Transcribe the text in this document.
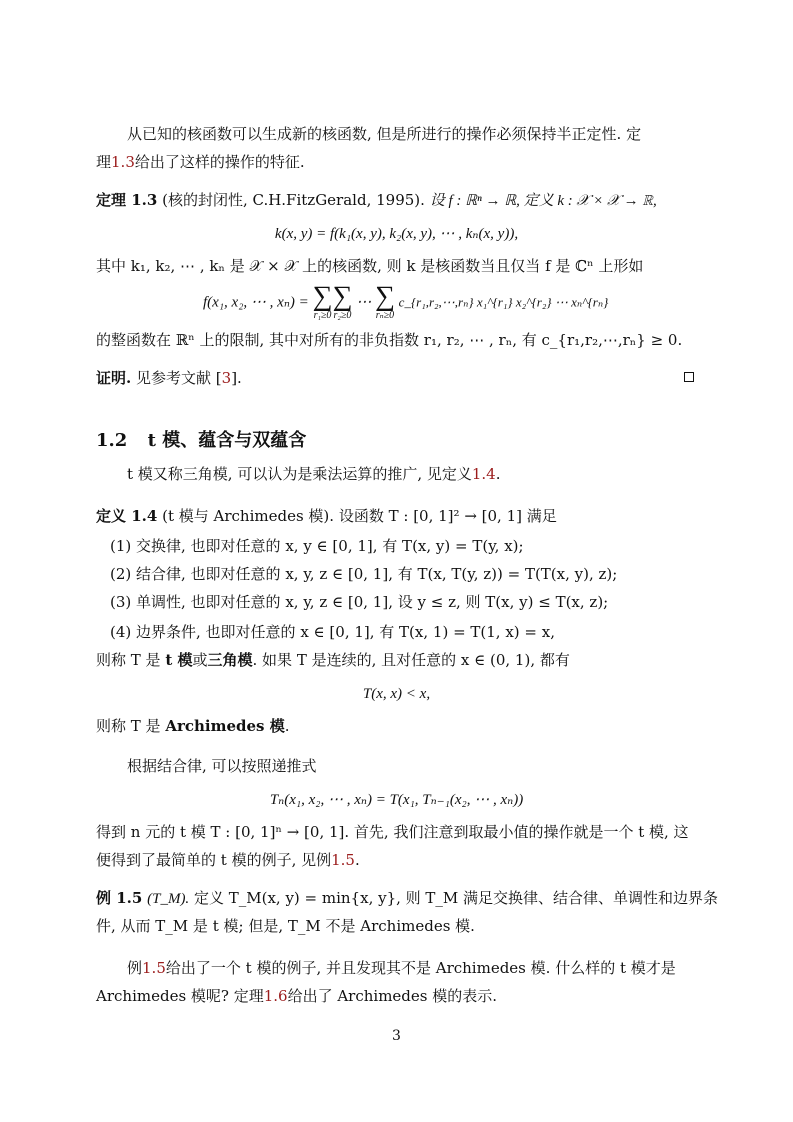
从已知的核函数可以生成新的核函数, 但是所进行的操作必须保持半正定性. 定
理1.3给出了这样的操作的特征.
定理 1.3 (核的封闭性, C.H.FitzGerald, 1995). 设 f : ℝⁿ → ℝ, 定义 k : 𝒳 × 𝒳 → ℝ,
k(x, y) = f(k₁(x, y), k₂(x, y), ⋯ , kₙ(x, y)),
其中 k₁, k₂, ⋯ , kₙ 是 𝒳 × 𝒳 上的核函数, 则 k 是核函数当且仅当 f 是 ℂⁿ 上形如
f(x₁, x₂, ⋯ , xₙ) = ∑
r₁≥0
∑
r₂≥0
⋯ ∑
rₙ≥0
c_{r₁,r₂,⋯,rₙ} x₁^{r₁} x₂^{r₂} ⋯ xₙ^{rₙ}
的整函数在 ℝⁿ 上的限制, 其中对所有的非负指数 r₁, r₂, ⋯ , rₙ, 有 c_{r₁,r₂,⋯,rₙ} ≥ 0.
证明. 见参考文献 [3].
1.2 t 模、蕴含与双蕴含
t 模又称三角模, 可以认为是乘法运算的推广, 见定义1.4.
定义 1.4 (t 模与 Archimedes 模). 设函数 T : [0, 1]² → [0, 1] 满足
(1) 交换律, 也即对任意的 x, y ∈ [0, 1], 有 T(x, y) = T(y, x);
(2) 结合律, 也即对任意的 x, y, z ∈ [0, 1], 有 T(x, T(y, z)) = T(T(x, y), z);
(3) 单调性, 也即对任意的 x, y, z ∈ [0, 1], 设 y ≤ z, 则 T(x, y) ≤ T(x, z);
(4) 边界条件, 也即对任意的 x ∈ [0, 1], 有 T(x, 1) = T(1, x) = x,
则称 T 是 t 模或三角模. 如果 T 是连续的, 且对任意的 x ∈ (0, 1), 都有
T(x, x) < x,
则称 T 是 Archimedes 模.
根据结合律, 可以按照递推式
Tₙ(x₁, x₂, ⋯ , xₙ) = T(x₁, Tₙ₋₁(x₂, ⋯ , xₙ))
得到 n 元的 t 模 T : [0, 1]ⁿ → [0, 1]. 首先, 我们注意到取最小值的操作就是一个 t 模, 这
便得到了最简单的 t 模的例子, 见例1.5.
例 1.5 (T_M). 定义 T_M(x, y) = min{x, y}, 则 T_M 满足交换律、结合律、单调性和边界条
件, 从而 T_M 是 t 模; 但是, T_M 不是 Archimedes 模.
例1.5给出了一个 t 模的例子, 并且发现其不是 Archimedes 模. 什么样的 t 模才是
Archimedes 模呢? 定理1.6给出了 Archimedes 模的表示.
3
